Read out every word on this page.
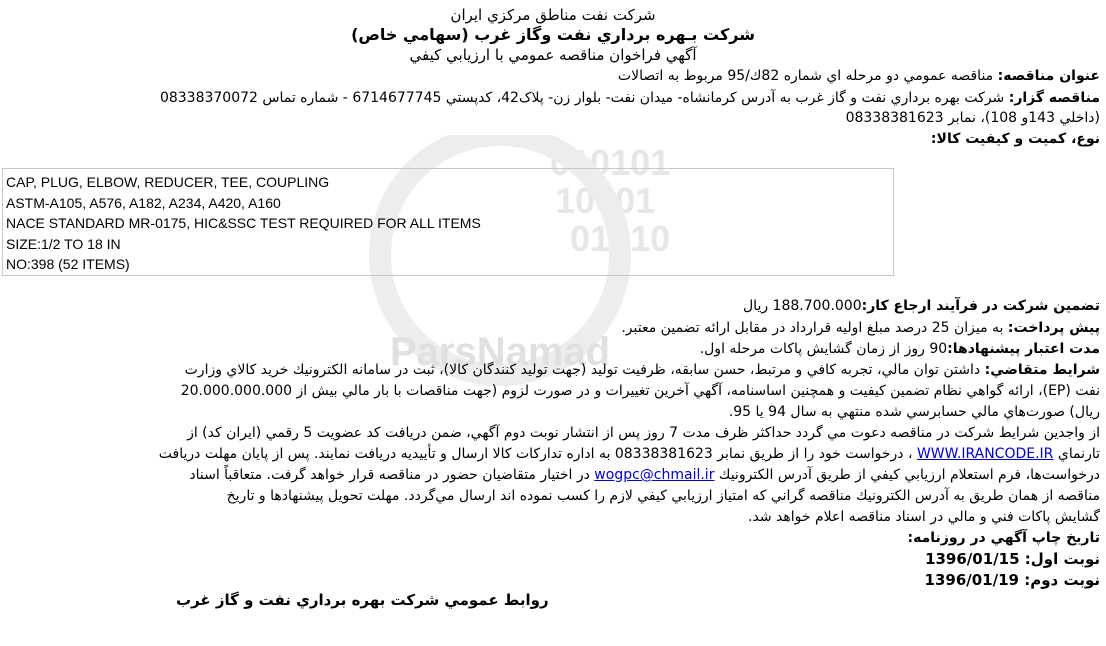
010101
10001
01010
ParsNamad
شرکت نفت مناطق مرکزي ايران
شرکت بـهره برداري نفت وگاز غرب (سهامي خاص)
آگهي فراخوان مناقصه عمومي با ارزيابي کيفي
عنوان مناقصه: مناقصه عمومي دو مرحله اي شماره 82ك/95 مربوط به اتصالات
مناقصه گزار: شرکت بهره برداري نفت و گاز غرب به آدرس کرمانشاه- ميدان نفت- بلوار زن- پلاک42، کدپستي 6714677745 - شماره تماس 08338370072
(داخلي 143و 108)، نمابر 08338381623
نوع، کميت و کيفيت کالا:
CAP, PLUG, ELBOW, REDUCER, TEE, COUPLING
ASTM-A105, A576, A182, A234, A420, A160
NACE STANDARD MR-0175, HIC&SSC TEST REQUIRED FOR ALL ITEMS
SIZE:1/2 TO 18 IN
NO:398 (52 ITEMS)
تضمين شرکت در فرآيند ارجاع کار:188.700.000 ريال
پيش پرداخت: به ميزان 25 درصد مبلغ اوليه قرارداد در مقابل ارائه تضمين معتبر.
مدت اعتبار پيشنهادها:90 روز از زمان گشايش پاکات مرحله اول.
شرايط متقاضي: داشتن توان مالي، تجربه کافي و مرتبط، حسن سابقه، ظرفيت توليد (جهت توليد کنندگان کالا)، ثبت در سامانه الکترونيك خريد کالاي وزارت
نفت (EP)، ارائه گواهي نظام تضمين کيفيت و همچنين اساسنامه، آگهي آخرين تغييرات و در صورت لزوم (جهت مناقصات با بار مالي بيش از 20.000.000.000
ريال) صورت‌هاي مالي حسابرسي شده منتهي به سال 94 يا 95.
از واجدين شرايط شرکت در مناقصه دعوت مي گردد حداکثر ظرف مدت 7 روز پس از انتشار نوبت دوم آگهي، ضمن دريافت کد عضويت 5 رقمي (ايران کد) از
تارنماي WWW.IRANCODE.IR ، درخواست خود را از طريق نمابر 08338381623 به اداره تدارکات کالا ارسال و تأييديه دريافت نمايند. پس از پايان مهلت دريافت
درخواست‌ها، فرم استعلام ارزيابي کيفي از طريق آدرس الکترونيك wogpc@chmail.ir در اختيار متقاضيان حضور در مناقصه قرار خواهد گرفت. متعاقباً اسناد
مناقصه از همان طريق به آدرس الکترونيك مناقصه گراني که امتياز ارزيابي کيفي لازم را کسب نموده اند ارسال مي‌گردد. مهلت تحويل پيشنهادها و تاريخ
گشايش پاکات فني و مالي در اسناد مناقصه اعلام خواهد شد.
تاريخ چاپ آگهي در روزنامه:
نوبت اول: 1396/01/15
نوبت دوم: 1396/01/19
روابط عمومي شرکت بهره برداري نفت و گاز غرب
